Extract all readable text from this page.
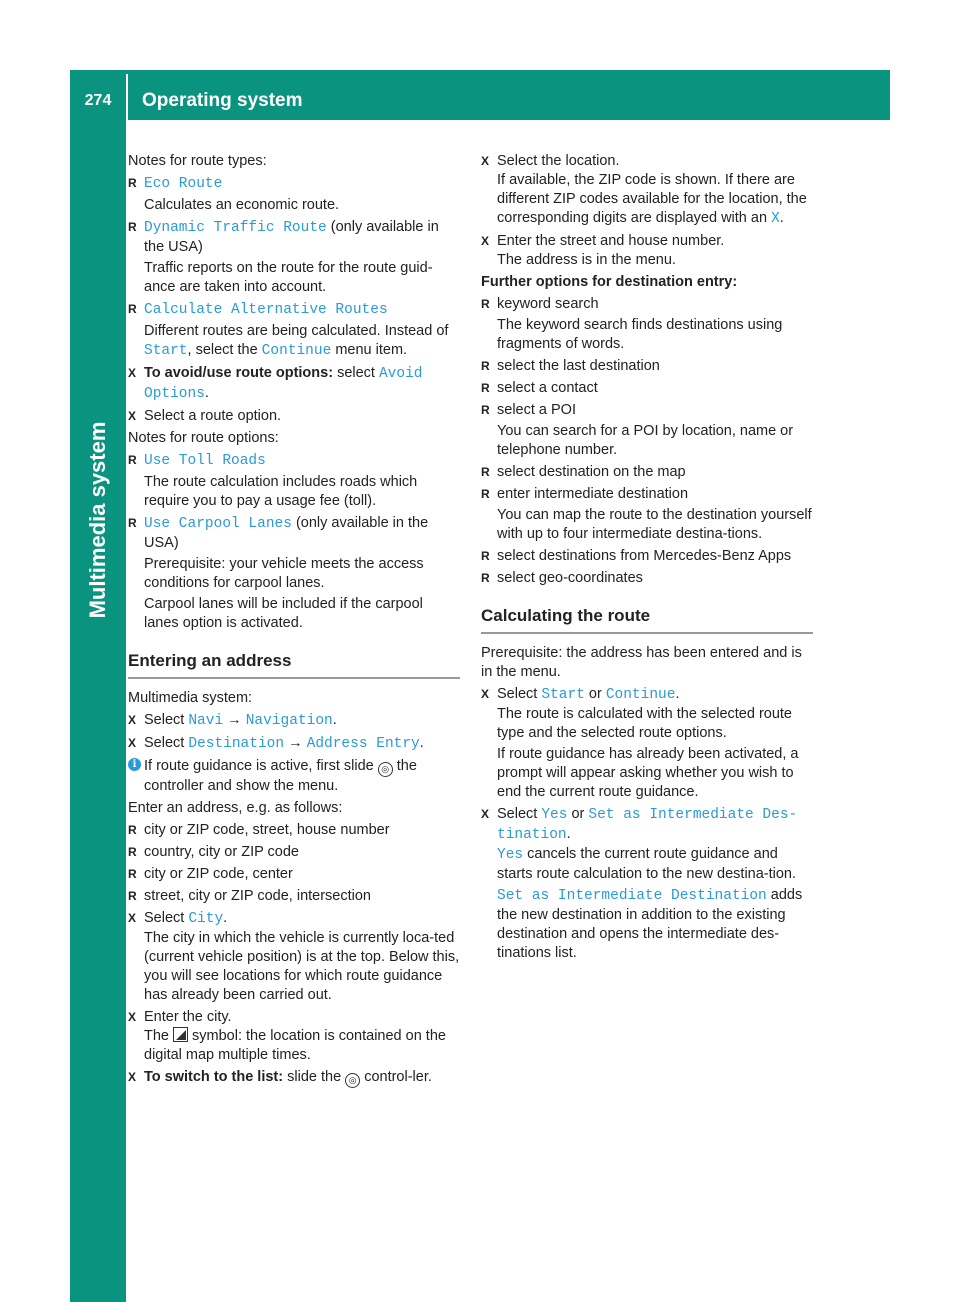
274	Operating system
Multimedia system

Notes for route types:

R Eco Route
Calculates an economic route.
R Dynamic Traffic Route (only available in the USA)
Traffic reports on the route for the route guid-ance are taken into account.
R Calculate Alternative Routes
Different routes are being calculated. Instead of Start, select the Continue menu item.
X To avoid/use route options: select Avoid Options.
X Select a route option.

Notes for route options:

R Use Toll Roads
The route calculation includes roads which require you to pay a usage fee (toll).
R Use Carpool Lanes (only available in the USA)
Prerequisite: your vehicle meets the access conditions for carpool lanes.
Carpool lanes will be included if the carpool lanes option is activated.
Entering an address

Multimedia system:

X Select Navi → Navigation.
X Select Destination → Address Entry.
i If route guidance is active, first slide ◎ the controller and show the menu.

Enter an address, e.g. as follows:

R city or ZIP code, street, house number
R country, city or ZIP code
R city or ZIP code, center
R street, city or ZIP code, intersection
X Select City.
The city in which the vehicle is currently loca-ted (current vehicle position) is at the top. Below this, you will see locations for which route guidance has already been carried out.
X Enter the city.
The  symbol: the location is contained on the digital map multiple times.
X To switch to the list: slide the ◎ control-ler.
X Select the location.
If available, the ZIP code is shown. If there are different ZIP codes available for the location, the corresponding digits are displayed with an X.
X Enter the street and house number.
The address is in the menu.

Further options for destination entry:

R keyword search
The keyword search finds destinations using fragments of words.
R select the last destination
R select a contact
R select a POI
You can search for a POI by location, name or telephone number.
R select destination on the map
R enter intermediate destination
You can map the route to the destination yourself with up to four intermediate destina-tions.
R select destinations from Mercedes-Benz Apps
R select geo-coordinates
Calculating the route

Prerequisite: the address has been entered and is in the menu.

X Select Start or Continue.
The route is calculated with the selected route type and the selected route options.
If route guidance has already been activated, a prompt will appear asking whether you wish to end the current route guidance.
X Select Yes or Set as Intermediate Des-tination.
Yes cancels the current route guidance and starts route calculation to the new destina-tion.
Set as Intermediate Destination adds the new destination in addition to the existing destination and opens the intermediate des-tinations list.
